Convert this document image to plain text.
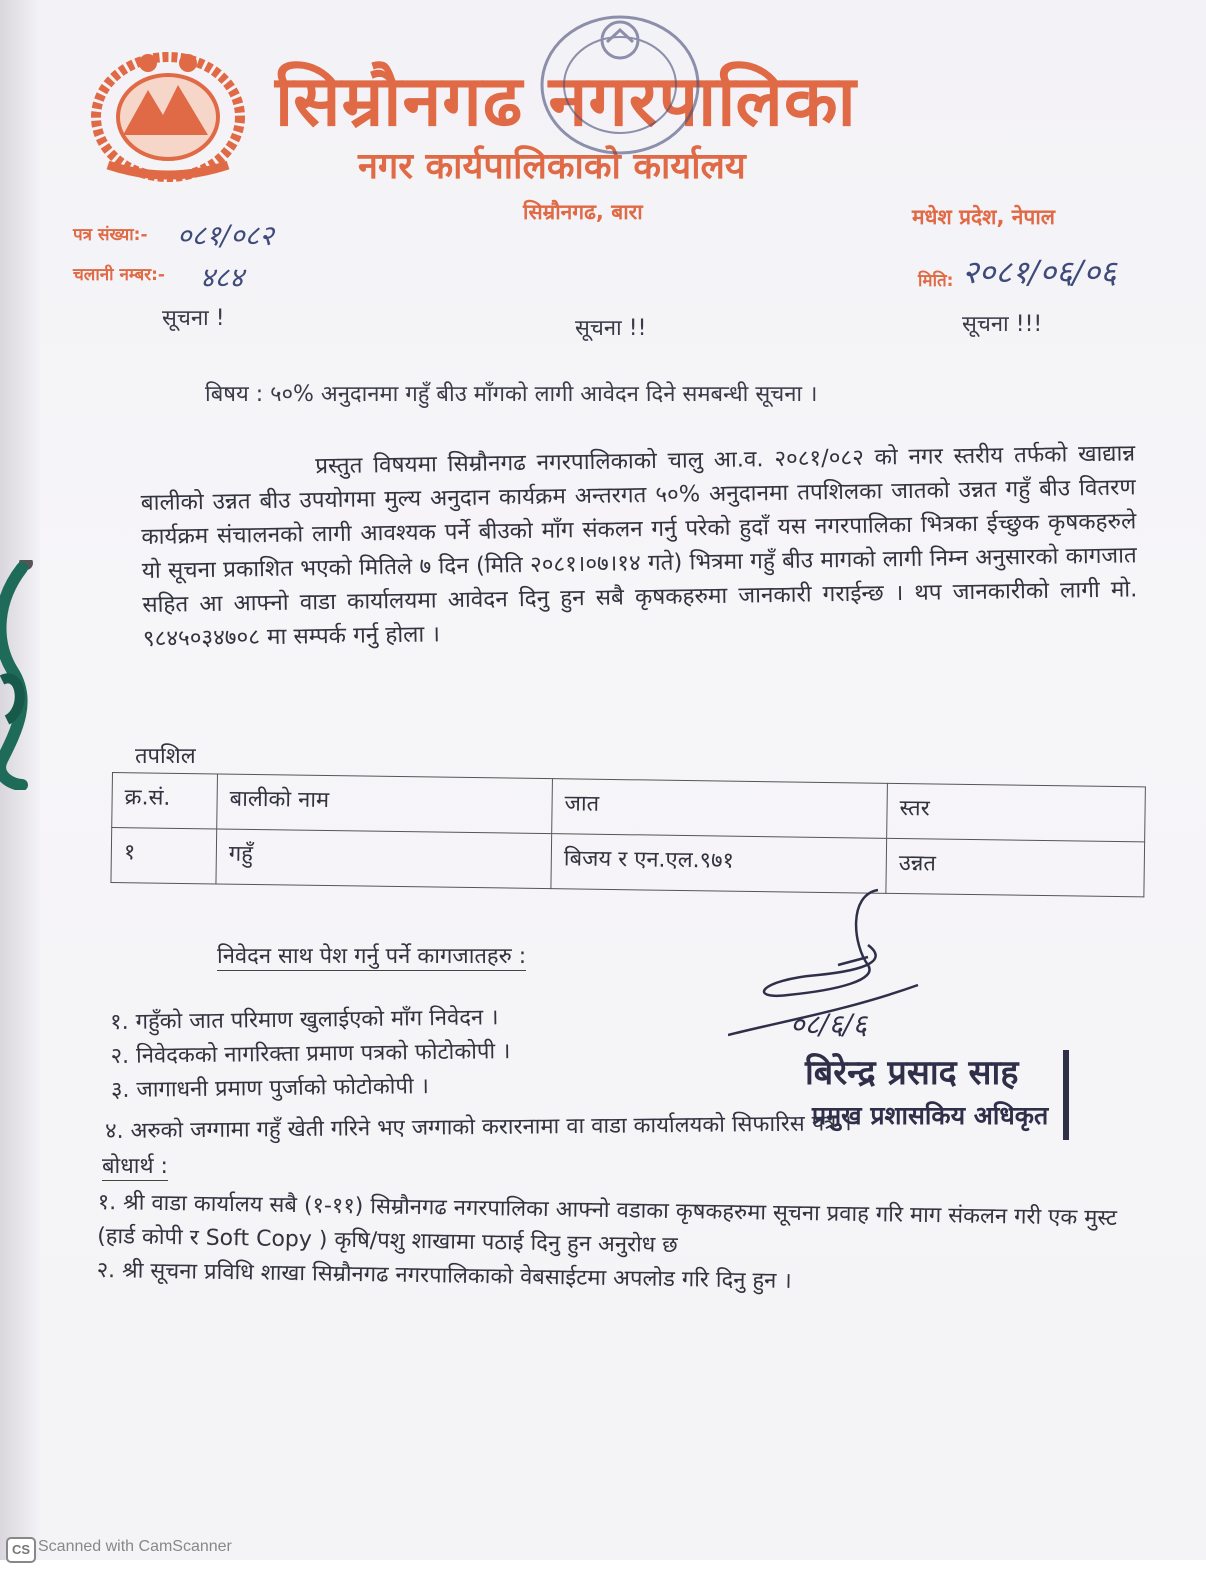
सिम्रौनगढ नगरपालिका
नगर कार्यपालिकाको कार्यालय
सिम्रौनगढ, बारा	मधेश प्रदेश, नेपाल
पत्र संख्या:- ०८१/०८२
चलानी नम्बर:- ४८४	मिति: २०८१/०६/०६
सूचना !	सूचना !!	सूचना !!!
बिषय : ५०% अनुदानमा गहुँ बीउ माँगको लागी आवेदन दिने समबन्धी सूचना ।
प्रस्तुत विषयमा सिम्रौनगढ नगरपालिकाको चालु आ.व. २०८१/०८२ को नगर स्तरीय तर्फको खाद्यान्न बालीको उन्नत बीउ उपयोगमा मुल्य अनुदान कार्यक्रम अन्तरगत ५०% अनुदानमा तपशिलका जातको उन्नत गहुँ बीउ वितरण कार्यक्रम संचालनको लागी आवश्यक पर्ने बीउको माँग संकलन गर्नु परेको हुदाँ यस नगरपालिका भित्रका ईच्छुक कृषकहरुले यो सूचना प्रकाशित भएको मितिले ७ दिन (मिति २०८१।०७।१४ गते) भित्रमा गहुँ बीउ मागको लागी निम्न अनुसारको कागजात सहित आ आफ्नो वाडा कार्यालयमा आवेदन दिनु हुन सबै कृषकहरुमा जानकारी गराईन्छ । थप जानकारीको लागी मो. ९८४५०३४७०८ मा सम्पर्क गर्नु होला ।
तपशिल
क्र.सं.	बालीको नाम	जात	स्तर
१	गहुँ	बिजय र एन.एल.९७१	उन्नत
निवेदन साथ पेश गर्नु पर्ने कागजातहरु :
१. गहुँको जात परिमाण खुलाईएको माँग निवेदन ।
२. निवेदकको नागरिक्ता प्रमाण पत्रको फोटोकोपी ।
३. जागाधनी प्रमाण पुर्जाको फोटोकोपी ।
४. अरुको जग्गामा गहुँ खेती गरिने भए जग्गाको करारनामा वा वाडा कार्यालयको सिफारिस पत्र ।
०८/६/६
बिरेन्द्र प्रसाद साह
प्रमुख प्रशासकिय अधिकृत
बोधार्थ :
१. श्री वाडा कार्यालय सबै (१-११) सिम्रौनगढ नगरपालिका आफ्नो वडाका कृषकहरुमा सूचना प्रवाह गरि माग संकलन गरी एक मुस्ट (हार्ड कोपी र Soft Copy ) कृषि/पशु शाखामा पठाई दिनु हुन अनुरोध छ
२. श्री सूचना प्रविधि शाखा सिम्रौनगढ नगरपालिकाको वेबसाईटमा अपलोड गरि दिनु हुन ।
CS Scanned with CamScanner
